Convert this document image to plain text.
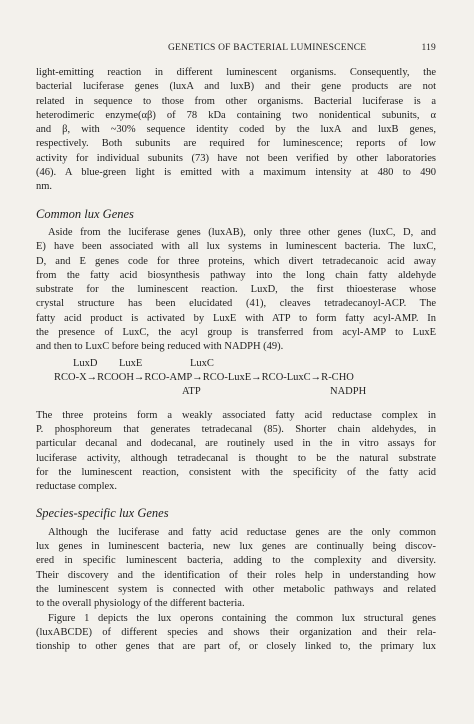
GENETICS OF BACTERIAL LUMINESCENCE	119
light-emitting reaction in different luminescent organisms. Consequently, the
bacterial luciferase genes (luxA and luxB) and their gene products are not
related in sequence to those from other organisms. Bacterial luciferase is a
heterodimeric enzyme(αβ) of 78 kDa containing two nonidentical subunits, α
and β, with ~30% sequence identity coded by the luxA and luxB genes,
respectively. Both subunits are required for luminescence; reports of low
activity for individual subunits (73) have not been verified by other laboratories
(46). A blue-green light is emitted with a maximum intensity at 480 to 490
nm.
Common lux Genes
Aside from the luciferase genes (luxAB), only three other genes (luxC, D, and
E) have been associated with all lux systems in luminescent bacteria. The luxC,
D, and E genes code for three proteins, which divert tetradecanoic acid away
from the fatty acid biosynthesis pathway into the long chain fatty aldehyde
substrate for the luminescent reaction. LuxD, the first thioesterase whose
crystal structure has been elucidated (41), cleaves tetradecanoyl-ACP. The
fatty acid product is activated by LuxE with ATP to form fatty acyl-AMP. In
the presence of LuxC, the acyl group is transferred from acyl-AMP to LuxE
and then to LuxC before being reduced with NADPH (49).
LuxD LuxE	LuxC
RCO-X→RCOOH→RCO-AMP→RCO-LuxE→RCO-LuxC→R-CHO
ATP	NADPH
The three proteins form a weakly associated fatty acid reductase complex in
P. phosphoreum that generates tetradecanal (85). Shorter chain aldehydes, in
particular decanal and dodecanal, are routinely used in the in vitro assays for
luciferase activity, although tetradecanal is thought to be the natural substrate
for the luminescent reaction, consistent with the specificity of the fatty acid
reductase complex.
Species-specific lux Genes
Although the luciferase and fatty acid reductase genes are the only common
lux genes in luminescent bacteria, new lux genes are continually being discov-
ered in specific luminescent bacteria, adding to the complexity and diversity.
Their discovery and the identification of their roles help in understanding how
the luminescent system is connected with other metabolic pathways and related
to the overall physiology of the different bacteria.
Figure 1 depicts the lux operons containing the common lux structural genes
(luxABCDE) of different species and shows their organization and their rela-
tionship to other genes that are part of, or closely linked to, the primary lux
